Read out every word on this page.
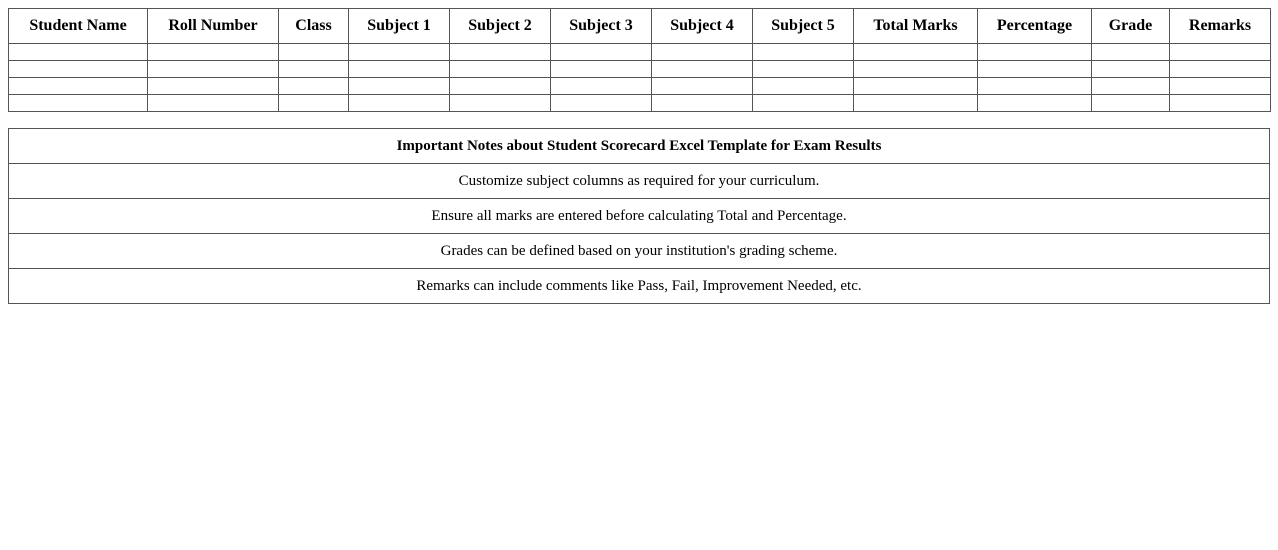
Student Name	Roll Number	Class	Subject 1	Subject 2	Subject 3	Subject 4	Subject 5	Total Marks	Percentage	Grade	Remarks

Important Notes about Student Scorecard Excel Template for Exam Results
Customize subject columns as required for your curriculum.
Ensure all marks are entered before calculating Total and Percentage.
Grades can be defined based on your institution's grading scheme.
Remarks can include comments like Pass, Fail, Improvement Needed, etc.
